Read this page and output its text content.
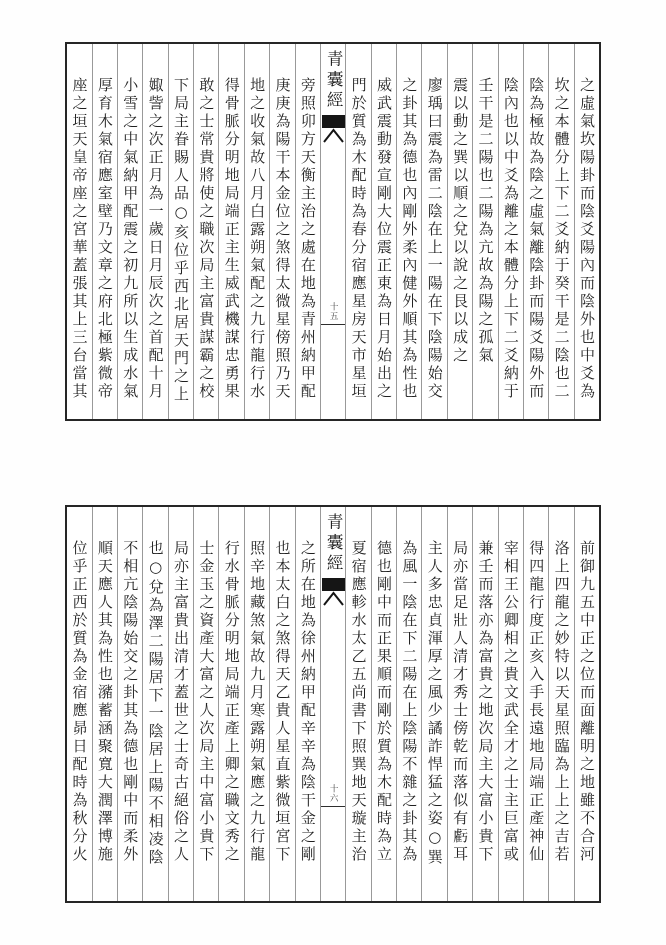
之虛氣坎陽卦而陰爻陽內而陰外也中爻為
坎之本體分上下二爻納于癸干是二陰也二
陰為極故為陰之虛氣離陰卦而陽爻陽外而
陰內也以中爻為離之本體分上下二爻納于
壬干是二陽也二陽為亢故為陽之孤氣
震以動之巽以順之兌以說之艮以成之
廖瑀曰震為雷二陰在上一陽在下陰陽始交
之卦其為德也內剛外柔內健外順其為性也
威武震動發宣剛大位震正東為日月始出之
門於質為木配時為春分宿應星房天市星垣
青囊經
十五
旁照卯方天衡主治之處在地為青州納甲配
庚庚為陽干本金位之煞得太微星傍照乃天
地之收氣故八月白露朔氣配之九行龍行水
得骨脈分明地局端正主生威武機謀忠勇果
敢之士常貴將使之職次局主富貴謀霸之校
下局主眷賜人品○亥位乎西北居天門之上
娵訾之次正月為一歲日月辰次之首配十月
小雪之中氣納甲配震之初九所以生成水氣
厚育木氣宿應室壁乃文章之府北極紫微帝
座之垣天皇帝座之宮華蓋張其上三台當其
前御九五中正之位而面離明之地雖不合河
洛上四龍之妙特以天星照臨為上上之吉若
得四龍行度正亥入手長遠地局端正產神仙
宰相王公卿相之貴文武全才之士主巨富或
兼壬而落亦為富貴之地次局主大富小貴下
局亦當足壯人清才秀士傍乾而落似有虧耳
主人多忠貞渾厚之風少譎詐悍猛之姿○巽
為風一陰在下二陽在上陰陽不雜之卦其為
德也剛中而正果順而剛於質為木配時為立
夏宿應軫水太乙五尚書下照巽地天璇主治
青囊經
十六
之所在地為徐州納甲配辛辛為陰干金之剛
也本太白之煞得天乙貴人星直紫微垣宮下
照辛地藏煞氣故九月寒露朔氣應之九行龍
行水骨脈分明地局端正產上卿之職文秀之
士金玉之資產大富之人次局主中富小貴下
局亦主富貴出清才蓋世之士奇古絕俗之人
也○兌為澤二陽居下一陰居上陽不相凌陰
不相亢陰陽始交之卦其為德也剛中而柔外
順天應人其為性也瀦蓄涵聚寬大潤澤博施
位乎正西於質為金宿應昴日配時為秋分火
